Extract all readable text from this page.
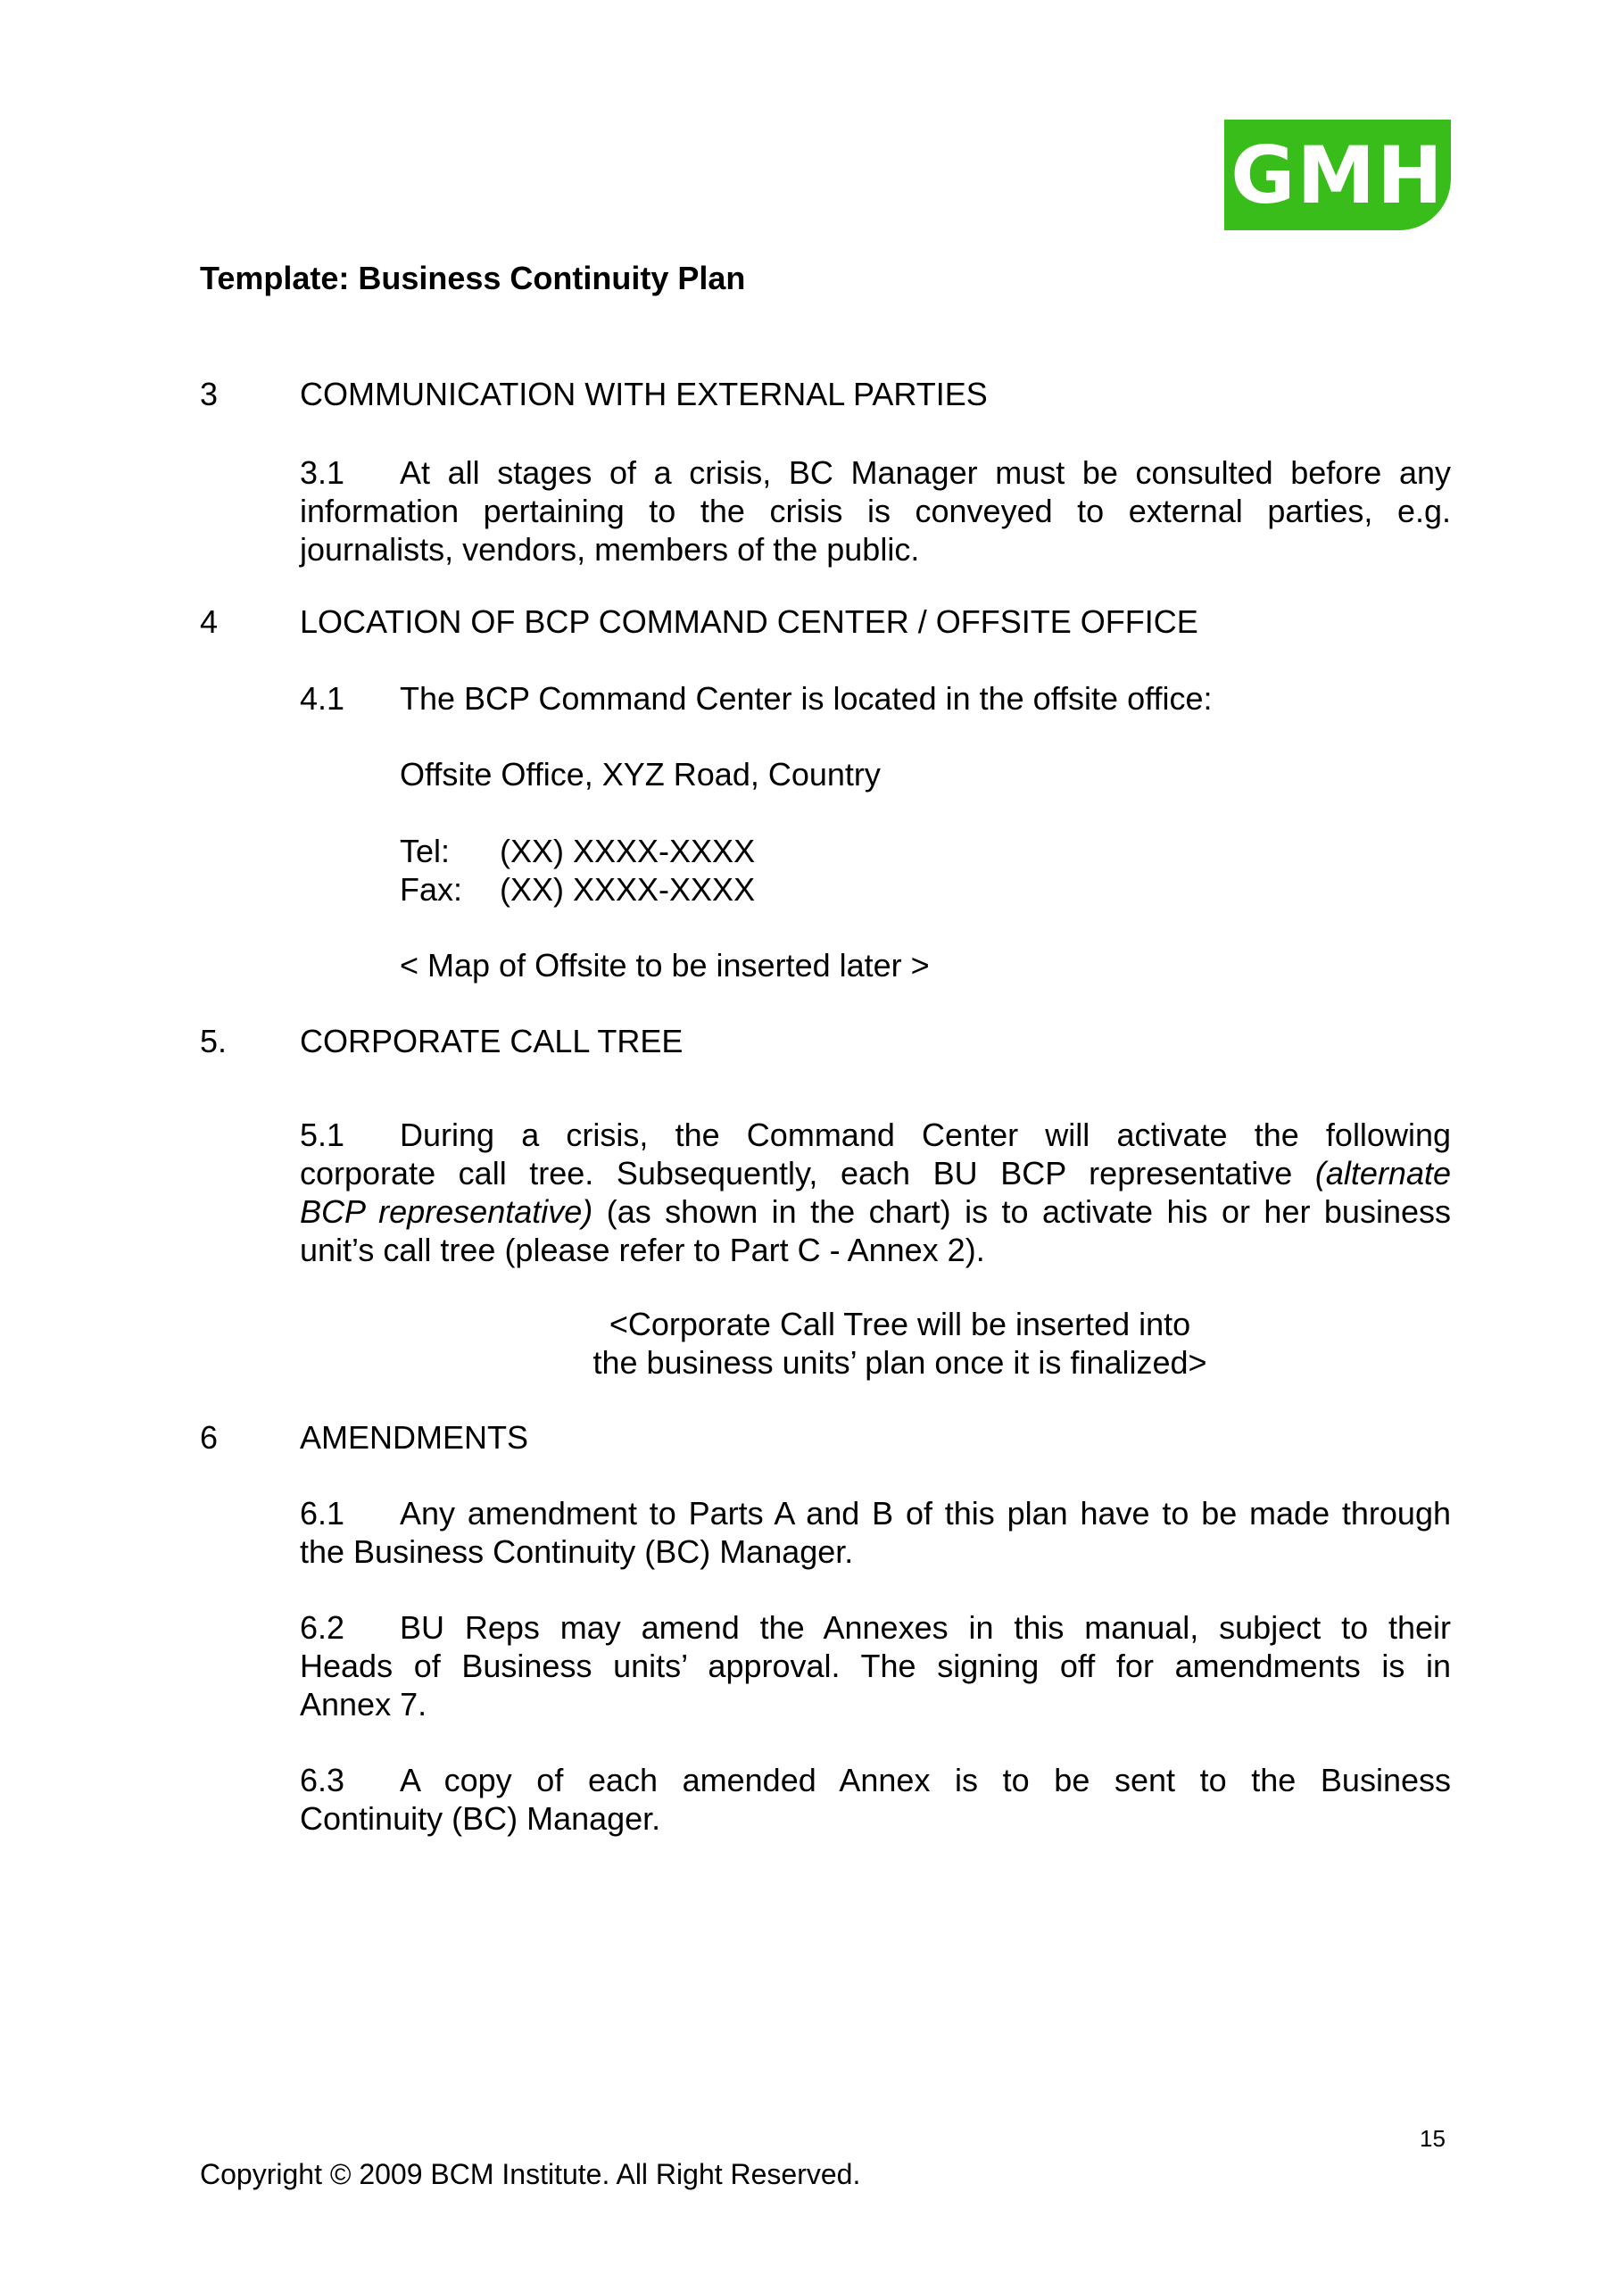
GMH
Template: Business Continuity Plan
3	COMMUNICATION WITH EXTERNAL PARTIES
3.1 At all stages of a crisis, BC Manager must be consulted before any
information pertaining to the crisis is conveyed to external parties, e.g.
journalists, vendors, members of the public.
4	LOCATION OF BCP COMMAND CENTER / OFFSITE OFFICE
4.1 The BCP Command Center is located in the offsite office:
Offsite Office, XYZ Road, Country
Tel: (XX) XXXX-XXXX
Fax: (XX) XXXX-XXXX
< Map of Offsite to be inserted later >
5. CORPORATE CALL TREE
5.1 During a crisis, the Command Center will activate the following
corporate call tree. Subsequently, each BU BCP representative (alternate
BCP representative) (as shown in the chart) is to activate his or her business
unit’s call tree (please refer to Part C - Annex 2).
<Corporate Call Tree will be inserted into
the business units’ plan once it is finalized>
6	AMENDMENTS
6.1 Any amendment to Parts A and B of this plan have to be made through
the Business Continuity (BC) Manager.
6.2 BU Reps may amend the Annexes in this manual, subject to their
Heads of Business units’ approval. The signing off for amendments is in
Annex 7.
6.3 A copy of each amended Annex is to be sent to the Business
Continuity (BC) Manager.
15
Copyright © 2009 BCM Institute. All Right Reserved.
